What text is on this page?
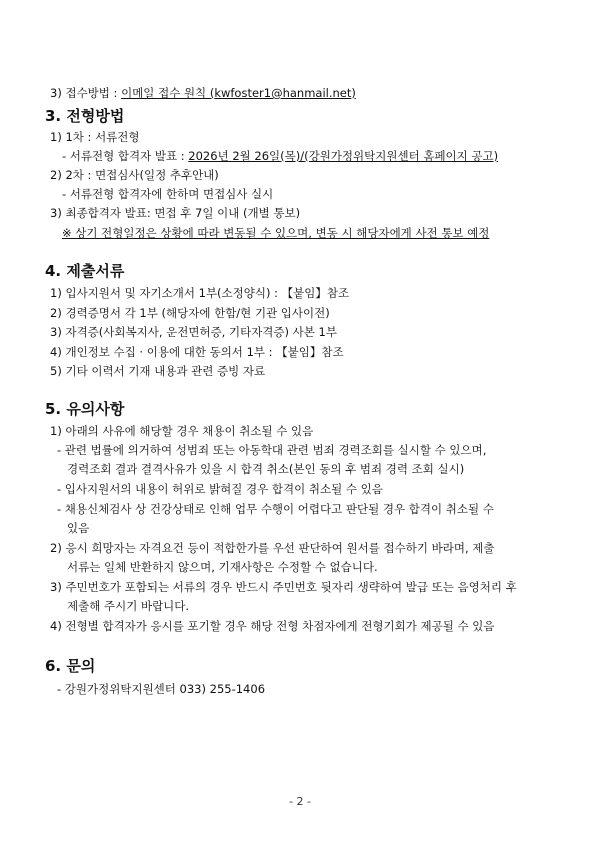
3) 접수방법 : 이메일 접수 원칙 (kwfoster1@hanmail.net)
3. 전형방법
1) 1차 : 서류전형
- 서류전형 합격자 발표 : 2026년 2월 26일(목)/(강원가정위탁지원센터 홈페이지 공고)
2) 2차 : 면접심사(일정 추후안내)
- 서류전형 합격자에 한하며 면접심사 실시
3) 최종합격자 발표: 면접 후 7일 이내 (개별 통보)
※ 상기 전형일정은 상황에 따라 변동될 수 있으며, 변동 시 해당자에게 사전 통보 예정
4. 제출서류
1) 입사지원서 및 자기소개서 1부(소정양식) : 【붙임】참조
2) 경력증명서 각 1부 (해당자에 한함/현 기관 입사이전)
3) 자격증(사회복지사, 운전면허증, 기타자격증) 사본 1부
4) 개인정보 수집 · 이용에 대한 동의서 1부 : 【붙임】참조
5) 기타 이력서 기재 내용과 관련 증빙 자료
5. 유의사항
1) 아래의 사유에 해당할 경우 채용이 취소될 수 있음
- 관련 법률에 의거하여 성범죄 또는 아동학대 관련 범죄 경력조회를 실시할 수 있으며,
경력조회 결과 결격사유가 있을 시 합격 취소(본인 동의 후 범죄 경력 조회 실시)
- 입사지원서의 내용이 허위로 밝혀질 경우 합격이 취소될 수 있음
- 채용신체검사 상 건강상태로 인해 업무 수행이 어렵다고 판단될 경우 합격이 취소될 수
있음
2) 응시 희망자는 자격요건 등이 적합한가를 우선 판단하여 원서를 접수하기 바라며, 제출
서류는 일체 반환하지 않으며, 기재사항은 수정할 수 없습니다.
3) 주민번호가 포함되는 서류의 경우 반드시 주민번호 뒷자리 생략하여 발급 또는 음영처리 후
제출해 주시기 바랍니다.
4) 전형별 합격자가 응시를 포기할 경우 해당 전형 차점자에게 전형기회가 제공될 수 있음
6. 문의
- 강원가정위탁지원센터 033) 255-1406
- 2 -
